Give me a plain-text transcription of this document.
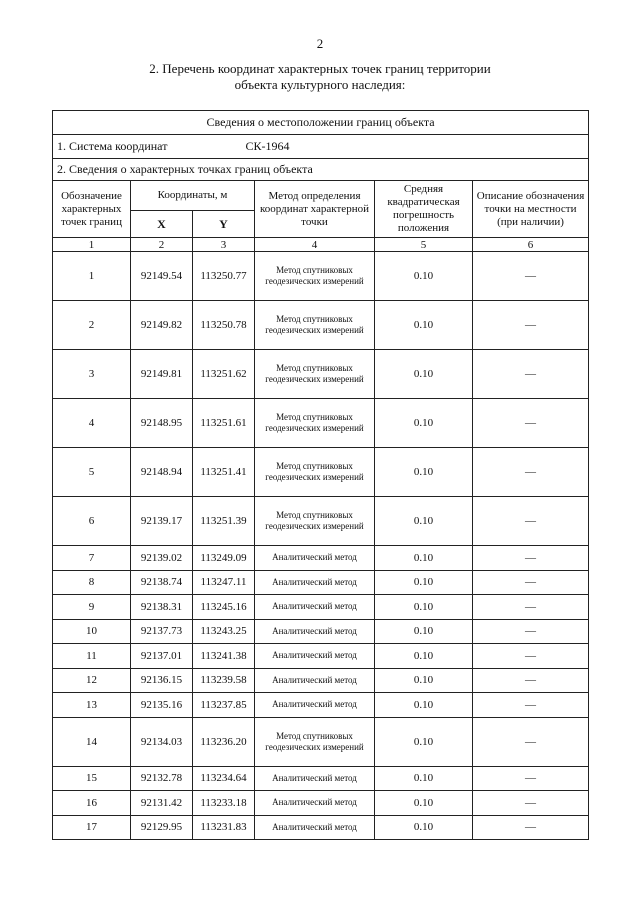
2
2. Перечень координат характерных точек границ территории
объекта культурного наследия:
Сведения о местоположении границ объекта					
1. Система координат СК-1964					
2. Сведения о характерных точках границ объекта					
Обозначение характерных точек границ	Координаты, м		Метод определения координат характерной точки	Средняя квадратическая погрешность положения	Описание обозначения точки на местности (при наличии)
	X	Y			
1	2	3	4	5	6
1	92149.54	113250.77	Метод спутниковых геодезических измерений	0.10	—
2	92149.82	113250.78	Метод спутниковых геодезических измерений	0.10	—
3	92149.81	113251.62	Метод спутниковых геодезических измерений	0.10	—
4	92148.95	113251.61	Метод спутниковых геодезических измерений	0.10	—
5	92148.94	113251.41	Метод спутниковых геодезических измерений	0.10	—
6	92139.17	113251.39	Метод спутниковых геодезических измерений	0.10	—
7	92139.02	113249.09	Аналитический метод	0.10	—
8	92138.74	113247.11	Аналитический метод	0.10	—
9	92138.31	113245.16	Аналитический метод	0.10	—
10	92137.73	113243.25	Аналитический метод	0.10	—
11	92137.01	113241.38	Аналитический метод	0.10	—
12	92136.15	113239.58	Аналитический метод	0.10	—
13	92135.16	113237.85	Аналитический метод	0.10	—
14	92134.03	113236.20	Метод спутниковых геодезических измерений	0.10	—
15	92132.78	113234.64	Аналитический метод	0.10	—
16	92131.42	113233.18	Аналитический метод	0.10	—
17	92129.95	113231.83	Аналитический метод	0.10	—
